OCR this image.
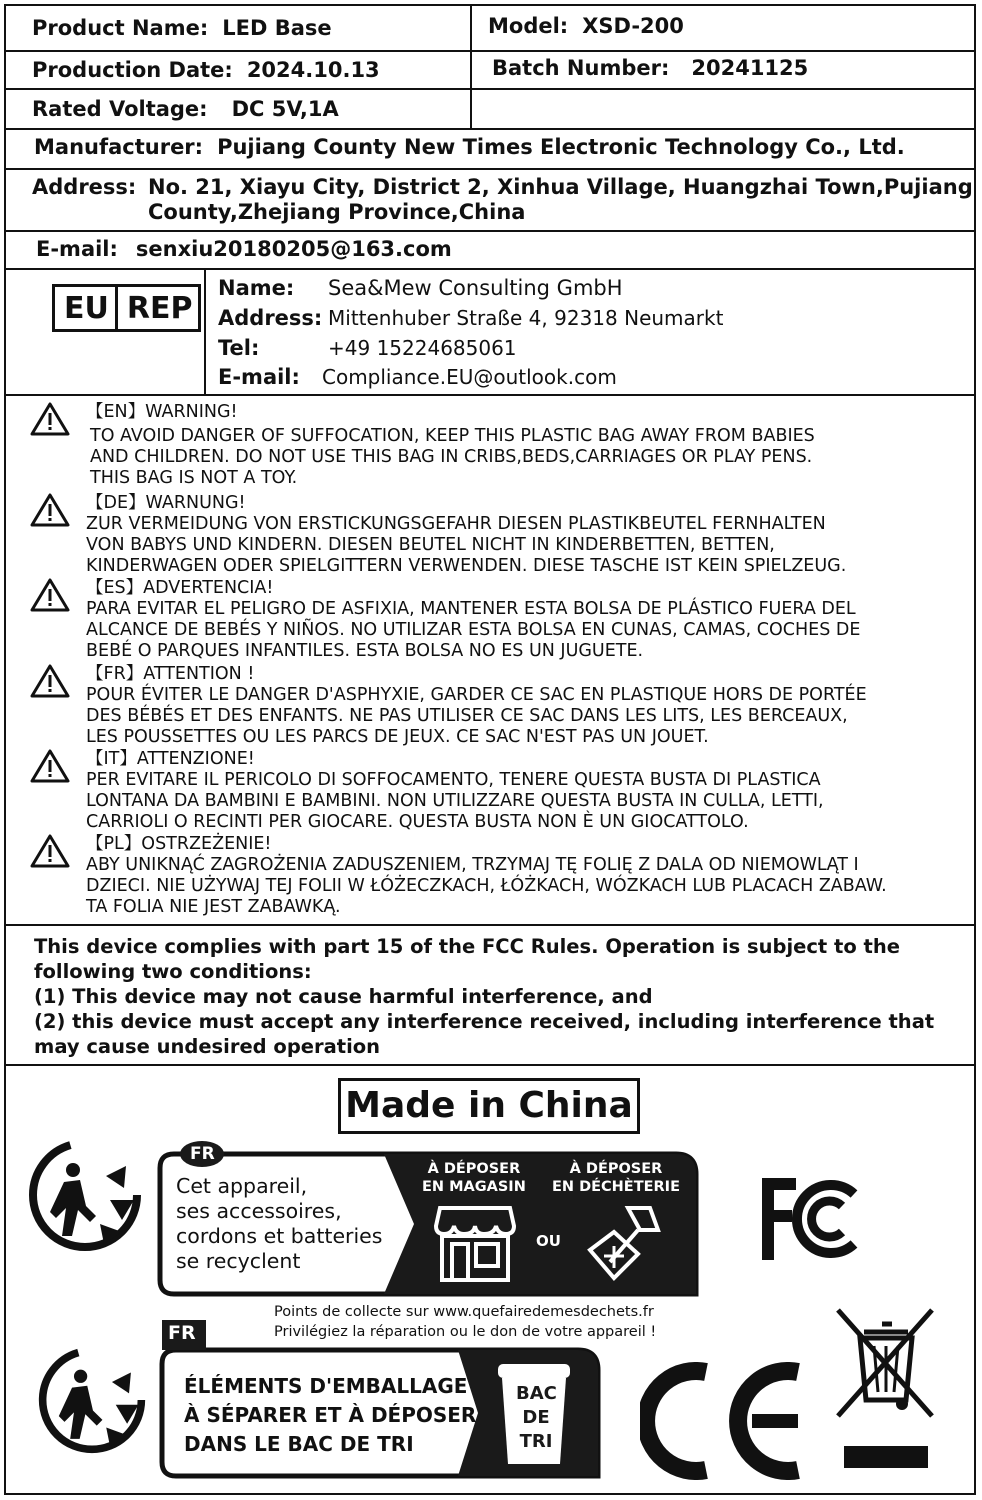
Product Name: LED Base	Model: XSD-200
Production Date: 2024.10.13	Batch Number: 20241125
Rated Voltage: DC 5V,1A
Manufacturer: Pujiang County New Times Electronic Technology Co., Ltd.
Address: No. 21, Xiayu City, District 2, Xinhua Village, Huangzhai Town,Pujiang County,Zhejiang Province,China
E-mail: senxiu20180205@163.com
EU REP
Name: Sea&Mew Consulting GmbH
Address: Mittenhuber Straße 4, 92318 Neumarkt
Tel:	+49 15224685061
E-mail: Compliance.EU@outlook.com
【EN】WARNING!
TO AVOID DANGER OF SUFFOCATION, KEEP THIS PLASTIC BAG AWAY FROM BABIES
AND CHILDREN. DO NOT USE THIS BAG IN CRIBS,BEDS,CARRIAGES OR PLAY PENS.
THIS BAG IS NOT A TOY.
【DE】WARNUNG!
ZUR VERMEIDUNG VON ERSTICKUNGSGEFAHR DIESEN PLASTIKBEUTEL FERNHALTEN
VON BABYS UND KINDERN. DIESEN BEUTEL NICHT IN KINDERBETTEN, BETTEN,
KINDERWAGEN ODER SPIELGITTERN VERWENDEN. DIESE TASCHE IST KEIN SPIELZEUG.
【ES】ADVERTENCIA!
PARA EVITAR EL PELIGRO DE ASFIXIA, MANTENER ESTA BOLSA DE PLÁSTICO FUERA DEL
ALCANCE DE BEBÉS Y NIÑOS. NO UTILIZAR ESTA BOLSA EN CUNAS, CAMAS, COCHES DE
BEBÉ O PARQUES INFANTILES. ESTA BOLSA NO ES UN JUGUETE.
【FR】ATTENTION !
POUR ÉVITER LE DANGER D'ASPHYXIE, GARDER CE SAC EN PLASTIQUE HORS DE PORTÉE
DES BÉBÉS ET DES ENFANTS. NE PAS UTILISER CE SAC DANS LES LITS, LES BERCEAUX,
LES POUSSETTES OU LES PARCS DE JEUX. CE SAC N'EST PAS UN JOUET.
【IT】ATTENZIONE!
PER EVITARE IL PERICOLO DI SOFFOCAMENTO, TENERE QUESTA BUSTA DI PLASTICA
LONTANA DA BAMBINI E BAMBINI. NON UTILIZZARE QUESTA BUSTA IN CULLA, LETTI,
CARRIOLI O RECINTI PER GIOCARE. QUESTA BUSTA NON È UN GIOCATTOLO.
【PL】OSTRZEŻENIE!
ABY UNIKNĄĆ ZAGROŻENIA ZADUSZENIEM, TRZYMAJ TĘ FOLIĘ Z DALA OD NIEMOWLĄT I
DZIECI. NIE UŻYWAJ TEJ FOLII W ŁÓŻECZKACH, ŁÓŻKACH, WÓZKACH LUB PLACACH ZABAW.
TA FOLIA NIE JEST ZABAWKĄ.
This device complies with part 15 of the FCC Rules. Operation is subject to the following two conditions:
(1) This device may not cause harmful interference, and
(2) this device must accept any interference received, including interference that may cause undesired operation
Made in China
FR
Cet appareil,
ses accessoires,
cordons et batteries
se recyclent
À DÉPOSER
EN MAGASIN
À DÉPOSER
EN DÉCHÈTERIE
OU
Points de collecte sur www.quefairedemesdechets.fr
Privilégiez la réparation ou le don de votre appareil !
FR
ÉLÉMENTS D'EMBALLAGE
À SÉPARER ET À DÉPOSER
DANS LE BAC DE TRI
BAC
DE
TRI
